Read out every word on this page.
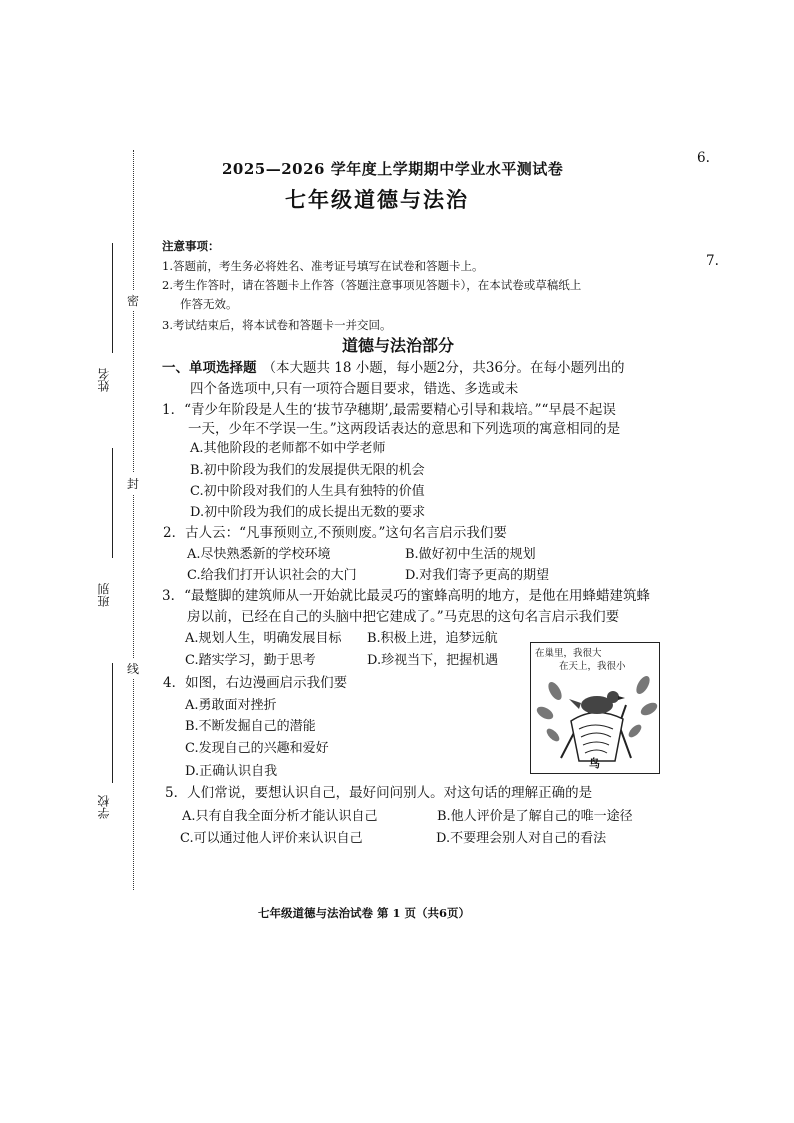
密
封
线
姓名
班别
学校
2025—2026 学年度上学期期中学业水平测试卷
七年级道德与法治
6.
7.
注意事项：
1.答题前，考生务必将姓名、准考证号填写在试卷和答题卡上。
2.考生作答时，请在答题卡上作答（答题注意事项见答题卡），在本试卷或草稿纸上
作答无效。
3.考试结束后，将本试卷和答题卡一并交回。
道德与法治部分
一、单项选择题 （本大题共 18 小题，每小题2分，共36分。在每小题列出的
四个备选项中,只有一项符合题目要求，错选、多选或未
1．“青少年阶段是人生的‘拔节孕穗期’,最需要精心引导和栽培。”“早晨不起误
一天，少年不学误一生。”这两段话表达的意思和下列选项的寓意相同的是
A.其他阶段的老师都不如中学老师
B.初中阶段为我们的发展提供无限的机会
C.初中阶段对我们的人生具有独特的价值
D.初中阶段为我们的成长提出无数的要求
2．古人云：“凡事预则立,不预则废。”这句名言启示我们要
A.尽快熟悉新的学校环境	B.做好初中生活的规划
C.给我们打开认识社会的大门	D.对我们寄予更高的期望
3．“最蹩脚的建筑师从一开始就比最灵巧的蜜蜂高明的地方，是他在用蜂蜡建筑蜂
房以前，已经在自己的头脑中把它建成了。”马克思的这句名言启示我们要
A.规划人生，明确发展目标 B.积极上进，追梦远航
C.踏实学习，勤于思考	D.珍视当下，把握机遇
4．如图，右边漫画启示我们要
A.勇敢面对挫折
B.不断发掘自己的潜能
C.发现自己的兴趣和爱好
D.正确认识自我
在巢里，我很大
在天上，我很小
鸟
5．人们常说，要想认识自己，最好问问别人。对这句话的理解正确的是
A.只有自我全面分析才能认识自己	B.他人评价是了解自己的唯一途径
C.可以通过他人评价来认识自己	D.不要理会别人对自己的看法
七年级道德与法治试卷 第 1 页（共6页）
